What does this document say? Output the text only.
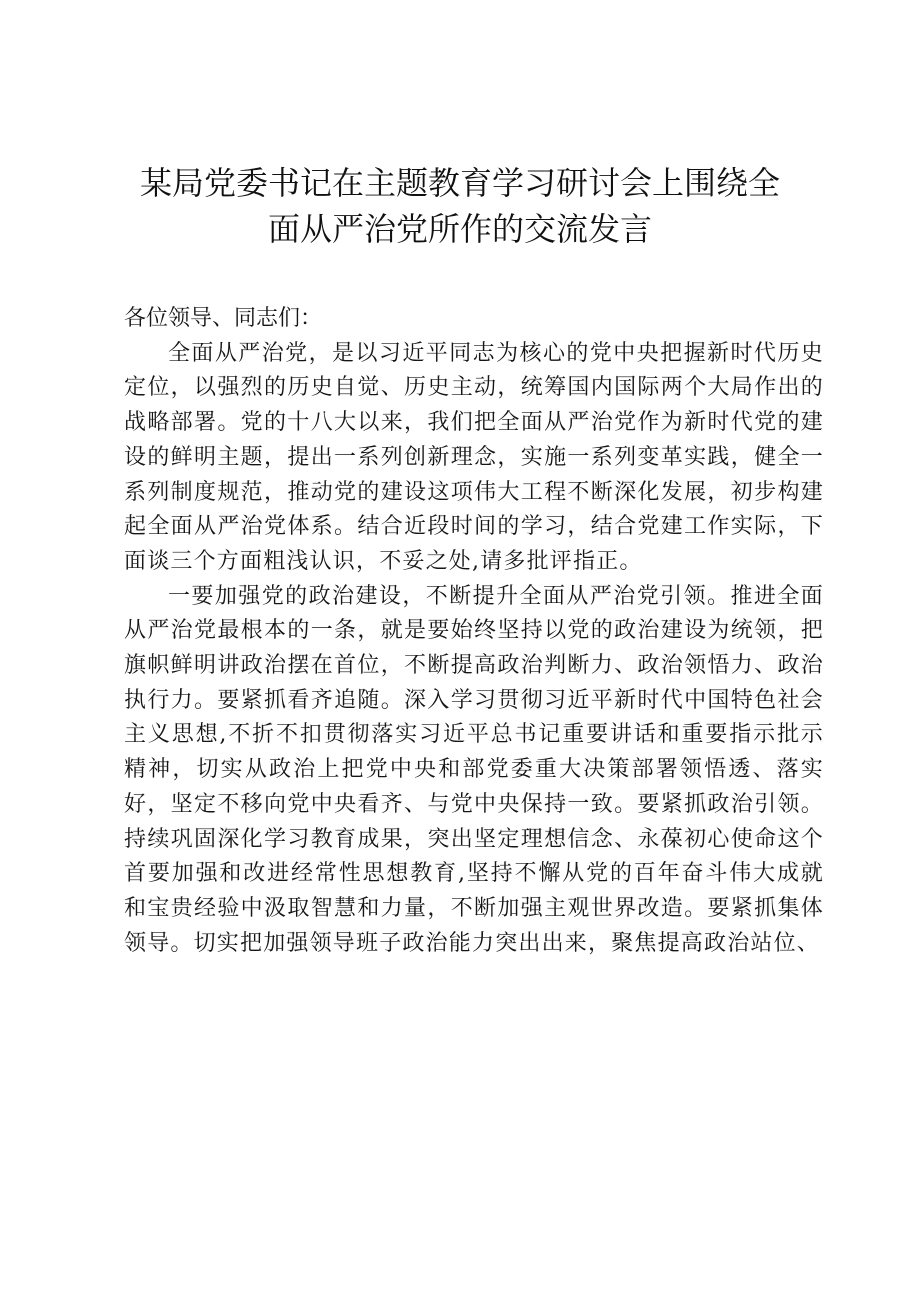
某局党委书记在主题教育学习研讨会上围绕全
面从严治党所作的交流发言

各位领导、同志们：

全面从严治党，是以习近平同志为核心的党中央把握新时代历史定位，以强烈的历史自觉、历史主动，统筹国内国际两个大局作出的战略部署。党的十八大以来，我们把全面从严治党作为新时代党的建设的鲜明主题，提出一系列创新理念，实施一系列变革实践，健全一系列制度规范，推动党的建设这项伟大工程不断深化发展，初步构建起全面从严治党体系。结合近段时间的学习，结合党建工作实际，下面谈三个方面粗浅认识，不妥之处,请多批评指正。

一要加强党的政治建设，不断提升全面从严治党引领。推进全面从严治党最根本的一条，就是要始终坚持以党的政治建设为统领，把旗帜鲜明讲政治摆在首位，不断提高政治判断力、政治领悟力、政治执行力。要紧抓看齐追随。深入学习贯彻习近平新时代中国特色社会主义思想,不折不扣贯彻落实习近平总书记重要讲话和重要指示批示精神，切实从政治上把党中央和部党委重大决策部署领悟透、落实好，坚定不移向党中央看齐、与党中央保持一致。要紧抓政治引领。持续巩固深化学习教育成果，突出坚定理想信念、永葆初心使命这个首要加强和改进经常性思想教育,坚持不懈从党的百年奋斗伟大成就和宝贵经验中汲取智慧和力量，不断加强主观世界改造。要紧抓集体领导。切实把加强领导班子政治能力突出出来，聚焦提高政治站位、
